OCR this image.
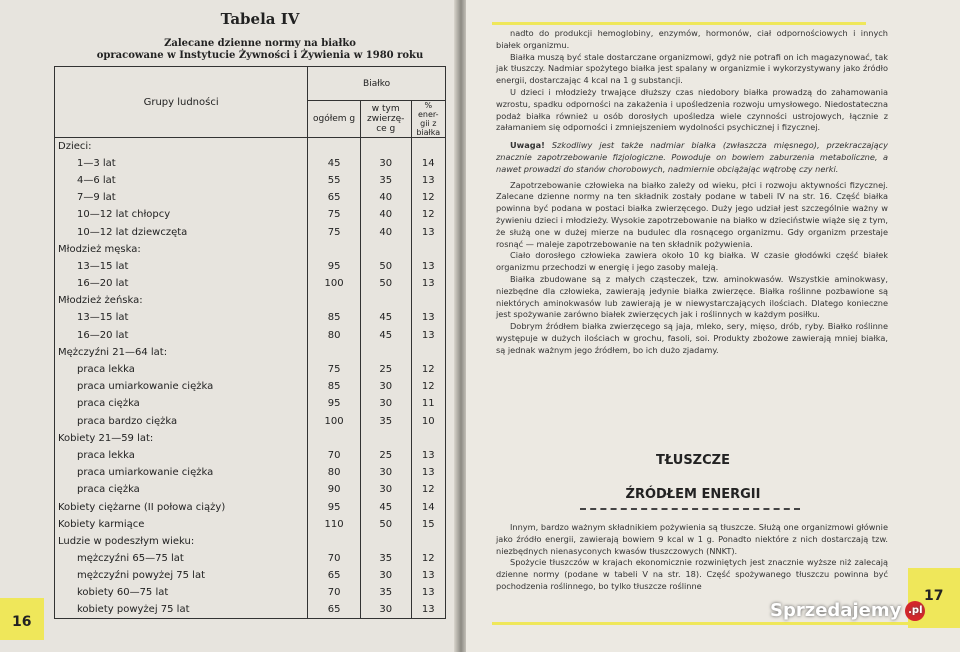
Tabela IV
Zalecane dzienne normy na białko
opracowane w Instytucie Żywności i Żywienia w 1980 roku
Grupy ludności	Białko		
	ogółem g	w tym zwierzę-ce g	% ener-gii z białka
Dzieci:			
1—3 lat	45	30	14
4—6 lat	55	35	13
7—9 lat	65	40	12
10—12 lat chłopcy	75	40	12
10—12 lat dziewczęta	75	40	13
Młodzież męska:			
13—15 lat	95	50	13
16—20 lat	100	50	13
Młodzież żeńska:			
13—15 lat	85	45	13
16—20 lat	80	45	13
Mężczyźni 21—64 lat:			
praca lekka	75	25	12
praca umiarkowanie ciężka	85	30	12
praca ciężka	95	30	11
praca bardzo ciężka	100	35	10
Kobiety 21—59 lat:			
praca lekka	70	25	13
praca umiarkowanie ciężka	80	30	13
praca ciężka	90	30	12
Kobiety ciężarne (II połowa ciąży)	95	45	14
Kobiety karmiące	110	50	15
Ludzie w podeszłym wieku:			
mężczyźni 65—75 lat	70	35	12
mężczyźni powyżej 75 lat	65	30	13
kobiety 60—75 lat	70	35	13
kobiety powyżej 75 lat	65	30	13
16

nadto do produkcji hemoglobiny, enzymów, hormonów, ciał odpornościowych i innych białek organizmu.

Białka muszą być stale dostarczane organizmowi, gdyż nie potrafi on ich magazynować, tak jak tłuszczy. Nadmiar spożytego białka jest spalany w organizmie i wykorzystywany jako źródło energii, dostarczając 4 kcal na 1 g substancji.

U dzieci i młodzieży trwające dłuższy czas niedobory białka prowadzą do zahamowania wzrostu, spadku odporności na zakażenia i upośledzenia rozwoju umysłowego. Niedostateczna podaż białka również u osób dorosłych upośledza wiele czynności ustrojowych, łącznie z załamaniem się odporności i zmniejszeniem wydolności psychicznej i fizycznej.

Uwaga! Szkodliwy jest także nadmiar białka (zwłaszcza mięsnego), przekraczający znacznie zapotrzebowanie fizjologiczne. Powoduje on bowiem zaburzenia metaboliczne, a nawet prowadzi do stanów chorobowych, nadmiernie obciążając wątrobę czy nerki.

Zapotrzebowanie człowieka na białko zależy od wieku, płci i rozwoju aktywności fizycznej. Zalecane dzienne normy na ten składnik zostały podane w tabeli IV na str. 16. Część białka powinna być podana w postaci białka zwierzęcego. Duży jego udział jest szczególnie ważny w żywieniu dzieci i młodzieży. Wysokie zapotrzebowanie na białko w dzieciństwie wiąże się z tym, że służą one w dużej mierze na budulec dla rosnącego organizmu. Gdy organizm przestaje rosnąć — maleje zapotrzebowanie na ten składnik pożywienia.

Ciało dorosłego człowieka zawiera około 10 kg białka. W czasie głodówki część białek organizmu przechodzi w energię i jego zasoby maleją.

Białka zbudowane są z małych cząsteczek, tzw. aminokwasów. Wszystkie aminokwasy, niezbędne dla człowieka, zawierają jedynie białka zwierzęce. Białka roślinne pozbawione są niektórych aminokwasów lub zawierają je w niewystarczających ilościach. Dlatego konieczne jest spożywanie zarówno białek zwierzęcych jak i roślinnych w każdym posiłku.

Dobrym źródłem białka zwierzęcego są jaja, mleko, sery, mięso, drób, ryby. Białko roślinne występuje w dużych ilościach w grochu, fasoli, soi. Produkty zbożowe zawierają mniej białka, są jednak ważnym jego źródłem, bo ich dużo zjadamy.

TŁUSZCZE
ŹRÓDŁEM ENERGII

Innym, bardzo ważnym składnikiem pożywienia są tłuszcze. Służą one organizmowi głównie jako źródło energii, zawierają bowiem 9 kcal w 1 g. Ponadto niektóre z nich dostarczają tzw. niezbędnych nienasyconych kwasów tłuszczowych (NNKT).

Spożycie tłuszczów w krajach ekonomicznie rozwiniętych jest znacznie wyższe niż zalecają dzienne normy (podane w tabeli V na str. 18). Część spożywanego tłuszczu powinna być pochodzenia roślinnego, bo tylko tłuszcze roślinne

17
Sprzedajemy .pl
